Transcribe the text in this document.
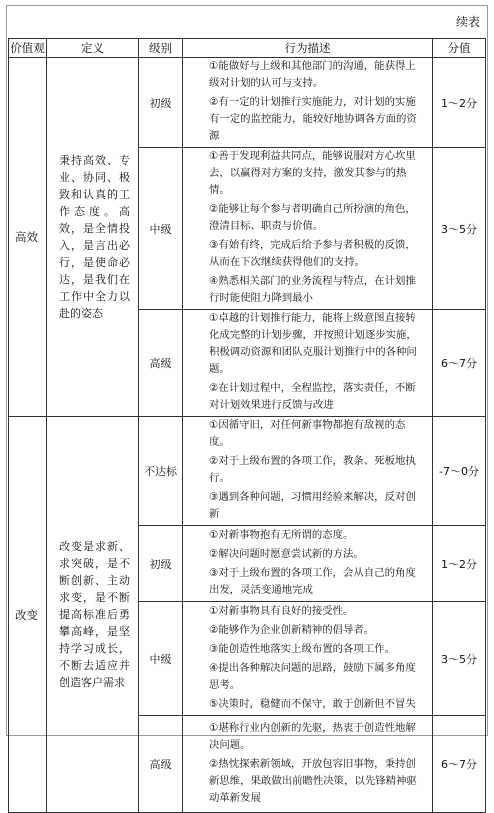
续表
价值观	定义	级别	行为描述	分值
高效	秉持高效、专业、协同、极致和认真的工作态度。高效，是全情投入，是言出必行，是使命必达，是我们在工作中全力以赴的姿态	初级	①能做好与上级和其他部门的沟通，能获得上级对计划的认可与支持。

②有一定的计划推行实施能力，对计划的实施有一定的监控能力，能较好地协调各方面的资源	1～2分
		中级	①善于发现利益共同点，能够说服对方心坎里去，以赢得对方案的支持，激发其参与的热情。

②能够让每个参与者明确自己所扮演的角色，澄清目标、职责与价值。

③有始有终，完成后给予参与者积极的反馈，从而在下次继续获得他们的支持。

④熟悉相关部门的业务流程与特点，在计划推行时能使阻力降到最小	3～5分
		高级	①卓越的计划推行能力，能将上级意图直接转化成完整的计划步骤，并按照计划逐步实施，积极调动资源和团队克服计划推行中的各种问题。

②在计划过程中，全程监控，落实责任，不断对计划效果进行反馈与改进	6～7分
改变	改变是求新、求突破，是不断创新、主动求变，是不断提高标准后勇攀高峰，是坚持学习成长，不断去适应并创造客户需求	不达标	①因循守旧，对任何新事物都抱有敌视的态度。

②对于上级布置的各项工作，教条、死板地执行。

③遇到各种问题，习惯用经验来解决，反对创新	-7～0分
		初级	①对新事物抱有无所谓的态度。

②解决问题时愿意尝试新的方法。

③对于上级布置的各项工作，会从自己的角度出发，灵活变通地完成	1～2分
		中级	①对新事物具有良好的接受性。

②能够作为企业创新精神的倡导者。

③能创造性地落实上级布置的各项工作。

④提出各种解决问题的思路，鼓励下属多角度思考。

⑤决策时，稳健而不保守，敢于创新但不冒失	3～5分
		高级	①堪称行业内创新的先驱，热衷于创造性地解决问题。

②热忱探索新领域，开放包容旧事物，秉持创新思维，果敢做出前瞻性决策，以先锋精神驱动革新发展	6～7分
